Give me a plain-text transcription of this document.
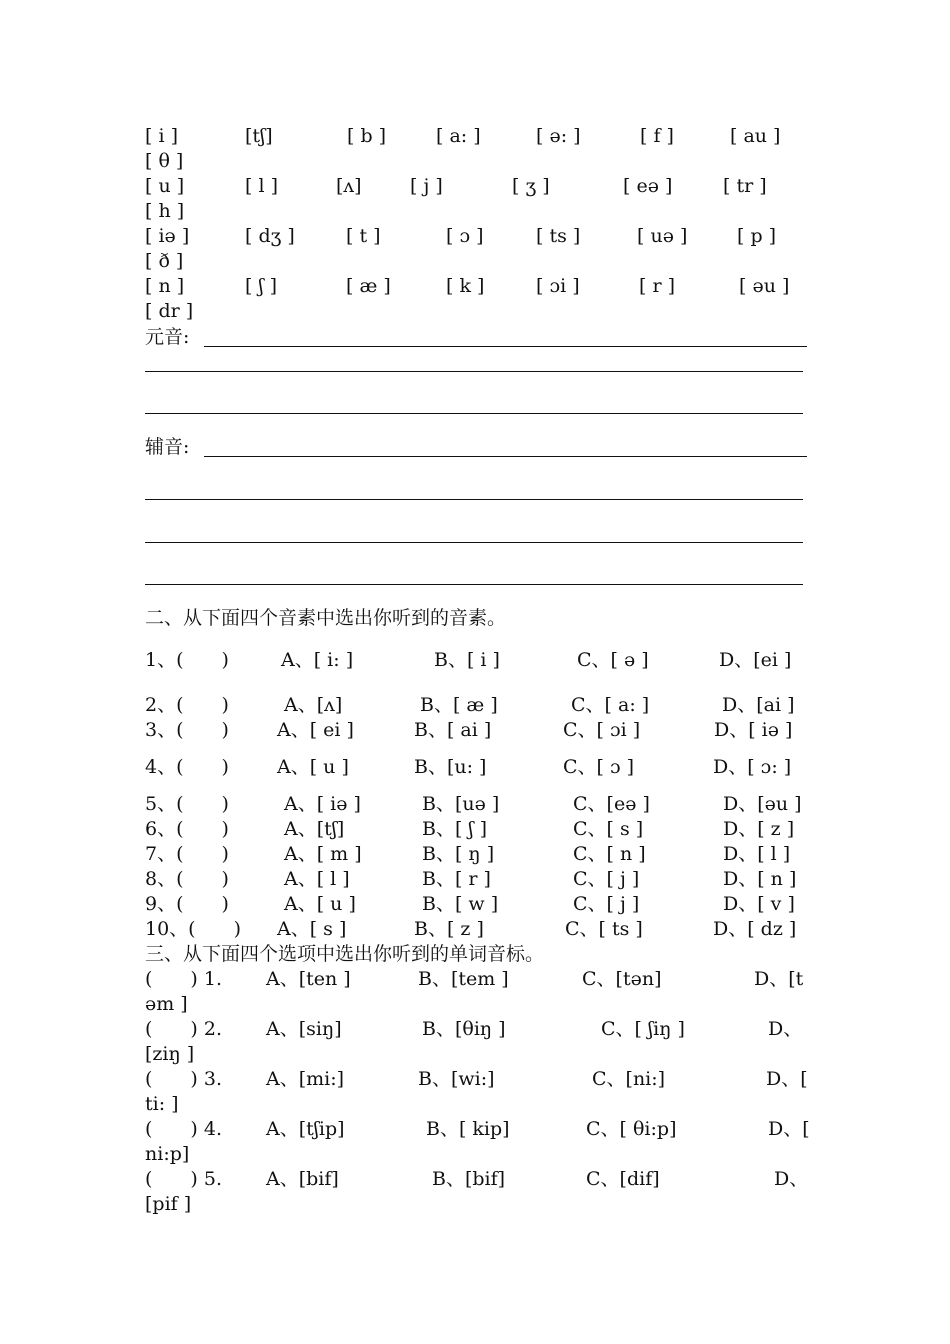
[ i ]	[tʃ]	[ b ]	[ a: ]	[ ə: ]	[ f ]	[ au ]
[ θ ]
[ u ]	[ l ]	[ʌ]	[ j ]	[ ʒ ]	[ eə ]	[ tr ]
[ h ]
[ iə ]	[ dʒ ]	[ t ]	[ ɔ ]	[ ts ]	[ uə ]	[ p ]
[ ð ]
[ n ]	[ ʃ ]	[ æ ]	[ k ]	[ ɔi ]	[ r ]	[ əu ]
[ dr ]
元音:
辅音:
二、从下面四个音素中选出你听到的音素。
1、(　　)	A、[ i: ]	B、[ i ]	C、[ ə ]	D、[ei ]
2、(　　)	A、[ʌ]	B、[ æ ]	C、[ a: ]	D、[ai ]
3、(　　)	A、[ ei ]	B、[ ai ]	C、[ ɔi ]	D、[ iə ]
4、(　　)	A、[ u ]	B、[u: ]	C、[ ɔ ]	D、[ ɔ: ]
5、(　　)	A、[ iə ]	B、[uə ]	C、[eə ]	D、[əu ]
6、(　　)	A、[tʃ]	B、[ ʃ ]	C、[ s ]	D、[ z ]
7、(　　)	A、[ m ]	B、[ ŋ ]	C、[ n ]	D、[ l ]
8、(　　)	A、[ l ]	B、[ r ]	C、[ j ]	D、[ n ]
9、(　　)	A、[ u ]	B、[ w ]	C、[ j ]	D、[ v ]
10、(　　) A、[ s ]	B、[ z ]	C、[ ts ]	D、[ dz ]
三、从下面四个选项中选出你听到的单词音标。
(　　) 1. A、[ten ]	B、[tem ]	C、[tən]	D、[t
əm ]
(　　) 2. A、[siŋ]	B、[θiŋ ]	C、[ ʃiŋ ]	D、
[ziŋ ]
(　　) 3. A、[mi:]	B、[wi:]	C、[ni:]	D、[
ti: ]
(　　) 4. A、[tʃip]	B、[ kip]	C、[ θi:p]	D、[
ni:p]
(　　) 5. A、[bif]	B、[bif]	C、[dif]	D、
[pif ]
